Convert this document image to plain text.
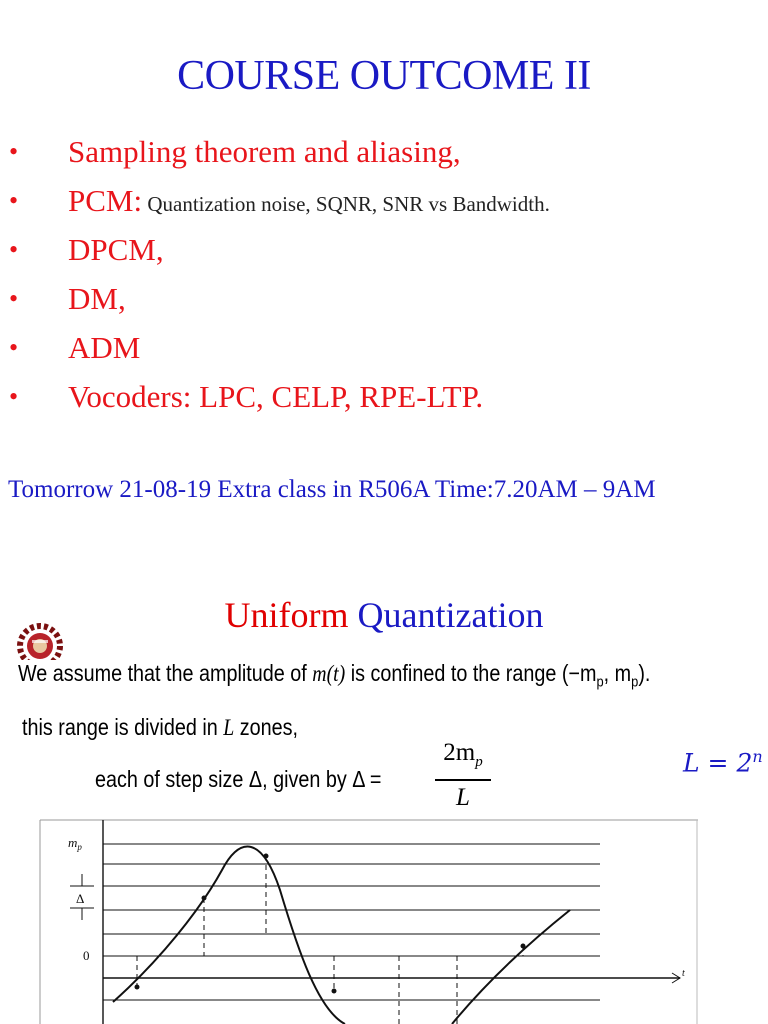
COURSE OUTCOME II
• Sampling theorem and aliasing,
• PCM: Quantization noise, SQNR, SNR vs Bandwidth.
• DPCM,
• DM,
• ADM
• Vocoders: LPC, CELP, RPE-LTP.
Tomorrow 21-08-19 Extra class in R506A Time:7.20AM – 9AM
Uniform Quantization
We assume that the amplitude of m(t) is confined to the range ($-m_p$, $m_p$).
this range is divided in L zones,
each of step size Δ, given by Δ =
$2m_p$
L
$L = 2^n$
$m_p$
Δ
0
t
